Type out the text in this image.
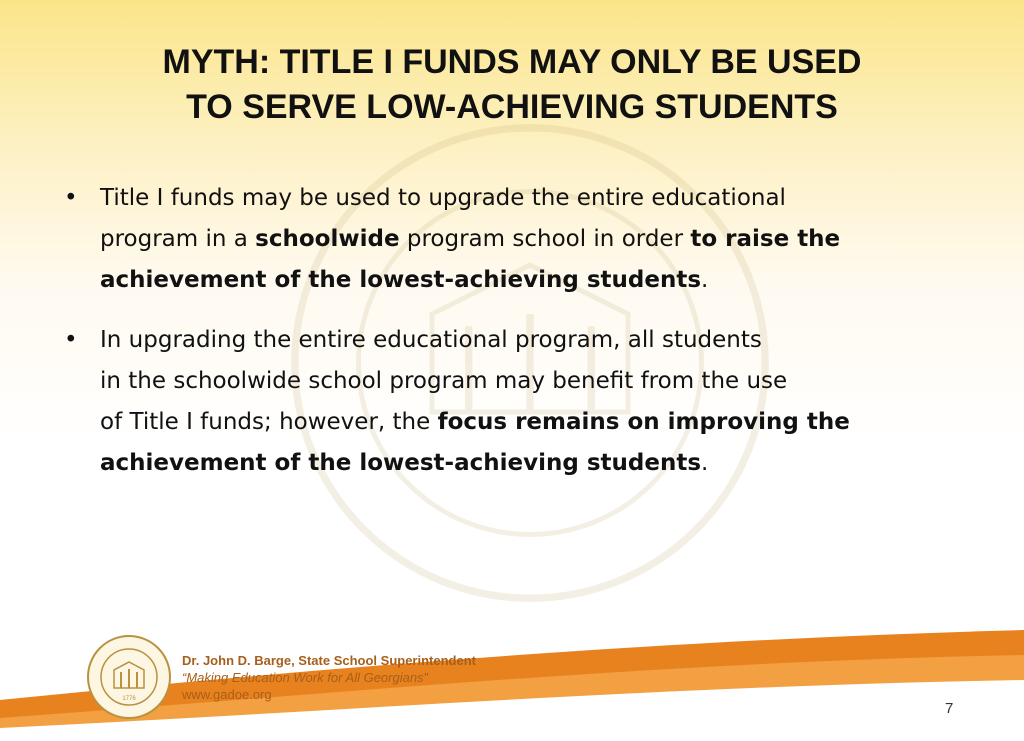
MYTH: TITLE I FUNDS MAY ONLY BE USED
TO SERVE LOW-ACHIEVING STUDENTS
• Title I funds may be used to upgrade the entire educational
program in a schoolwide program school in order to raise the
achievement of the lowest-achieving students.
• In upgrading the entire educational program, all students
in the schoolwide school program may benefit from the use
of Title I funds; however, the focus remains on improving the
achievement of the lowest-achieving students.
1776
Dr. John D. Barge, State School Superintendent
“Making Education Work for All Georgians”
www.gadoe.org
7
